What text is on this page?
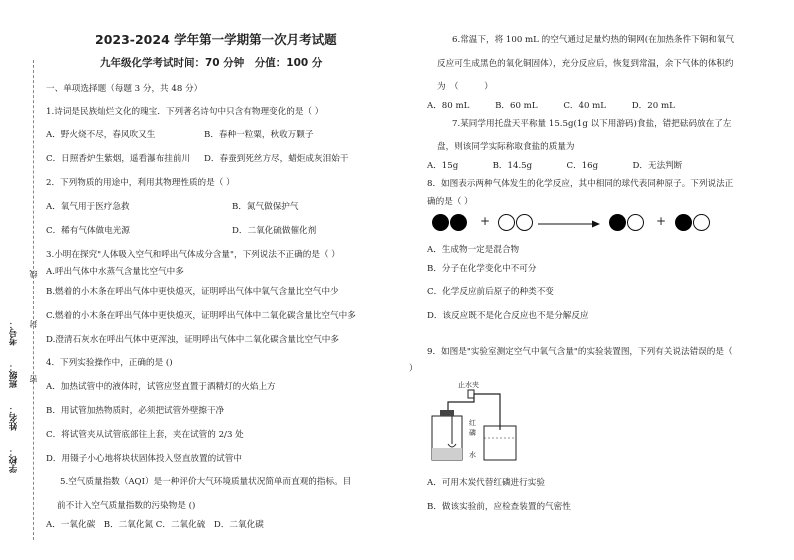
学校：　　姓名：　　班级：　　考号：
线
封
密
2023-2024 学年第一学期第一次月考试题
九年级化学考试时间：70 分钟　分值：100 分
一、单项选择题（每题 3 分，共 48 分）
1.诗词是民族灿烂文化的瑰宝．下列著名诗句中只含有物理变化的是（ ）
A．野火烧不尽，春风吹又生	B．春种一粒粟，秋收万颗子
C．日照香炉生紫烟，遥看瀑布挂前川 D．春蚕到死丝方尽，蜡炬成灰泪始干
2．下列物质的用途中，利用其物理性质的是（ ）
A．氧气用于医疗急救	B．氮气做保护气
C．稀有气体做电光源	D．二氧化硫做催化剂
3.小明在探究"人体吸入空气和呼出气体成分含量"，下列说法不正确的是（ ）
A.呼出气体中水蒸气含量比空气中多
B.燃着的小木条在呼出气体中更快熄灭，证明呼出气体中氧气含量比空气中少
C.燃着的小木条在呼出气体中更快熄灭，证明呼出气体中二氧化碳含量比空气中多
D.澄清石灰水在呼出气体中更浑浊，证明呼出气体中二氧化碳含量比空气中多
4．下列实验操作中，正确的是 ()
A．加热试管中的液体时，试管应竖直置于酒精灯的火焰上方
B．用试管加热物质时，必须把试管外壁擦干净
C．将试管夹从试管底部往上套，夹在试管的 2/3 处
D．用镊子小心地将块状固体投入竖直放置的试管中
5.空气质量指数（AQI）是一种评价大气环境质量状况简单而直观的指标。目
前不计入空气质量指数的污染物是 ()
A．一氧化碳　B．二氧化氮 C．二氧化硫　D．二氧化碳
6.常温下，将 100 mL 的空气通过足量灼热的铜网(在加热条件下铜和氧气
反应可生成黑色的氧化铜固体），充分反应后，恢复到常温，余下气体的体积约
为　（　　　）
A．80 mL　　　B．60 mL　　　C．40 mL　　　D．20 mL
7.某同学用托盘天平称量 15.5g(1g 以下用游码)食盐，错把砝码放在了左
盘，则该同学实际称取食盐的质量为
A．15g　　　　B．14.5g　　　　C．16g　　　　D．无法判断
8．如图表示两种气体发生的化学反应，其中相同的球代表同种原子。下列说法正
确的是（ ）
+	+
A．生成物一定是混合物
B．分子在化学变化中不可分
C．化学反应前后原子的种类不变
D．该反应既不是化合反应也不是分解反应
9．如图是"实验室测定空气中氧气含量"的实验装置图，下列有关说法错误的是（
）
止水夹
红
磷
水
A．可用木炭代替红磷进行实验
B．做该实验前，应检查装置的气密性
